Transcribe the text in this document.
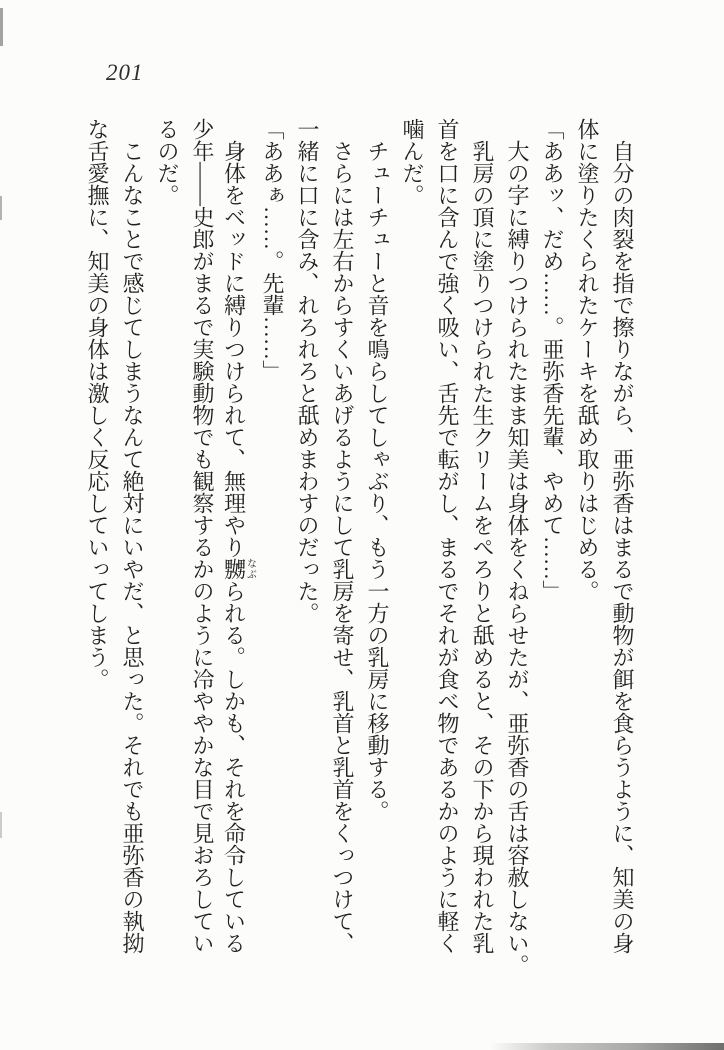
201
　自分の肉裂を指で擦りながら、亜弥香はまるで動物が餌を食らうように、知美の身
体に塗りたくられたケーキを舐め取りはじめる。
「ああッ、だめ……。亜弥香先輩、やめて……」
　大の字に縛りつけられたまま知美は身体をくねらせたが、亜弥香の舌は容赦しない。
　乳房の頂に塗りつけられた生クリームをぺろりと舐めると、その下から現われた乳
首を口に含んで強く吸い、舌先で転がし、まるでそれが食べ物であるかのように軽く
噛んだ。
　チューチューと音を鳴らしてしゃぶり、もう一方の乳房に移動する。
　さらには左右からすくいあげるようにして乳房を寄せ、乳首と乳首をくっつけて、
一緒に口に含み、れろれろと舐めまわすのだった。
「ああぁ……。先輩……」
　身体をベッドに縛りつけられて、無理やり嬲なぶられる。しかも、それを命令している
少年――史郎がまるで実験動物でも観察するかのように冷ややかな目で見おろしてい
るのだ。
　こんなことで感じてしまうなんて絶対にいやだ、と思った。それでも亜弥香の執拗
な舌愛撫に、知美の身体は激しく反応していってしまう。
